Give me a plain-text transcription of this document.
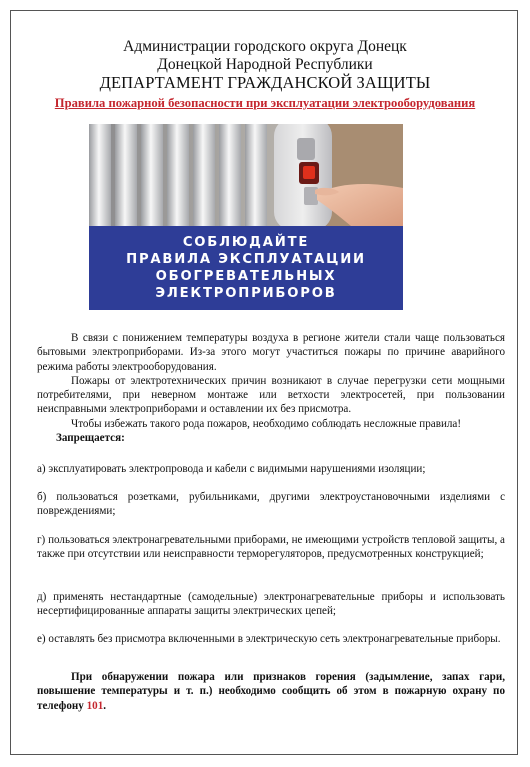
Администрации городского округа Донецк
Донецкой Народной Республики
ДЕПАРТАМЕНТ ГРАЖДАНСКОЙ ЗАЩИТЫ
Правила пожарной безопасности при эксплуатации электрооборудования
СОБЛЮДАЙТЕ
ПРАВИЛА ЭКСПЛУАТАЦИИ
ОБОГРЕВАТЕЛЬНЫХ
ЭЛЕКТРОПРИБОРОВ

В связи с понижением температуры воздуха в регионе жители стали чаще пользоваться бытовыми электроприборами. Из-за этого могут участиться пожары по причине аварийного режима работы электрооборудования.

Пожары от электротехнических причин возникают в случае перегрузки сети мощными потребителями, при неверном монтаже или ветхости электросетей, при пользовании неисправными электроприборами и оставлении их без присмотра.

Чтобы избежать такого рода пожаров, необходимо соблюдать несложные правила!

Запрещается:

а) эксплуатировать электропровода и кабели с видимыми нарушениями изоляции;

б) пользоваться розетками, рубильниками, другими электроустановочными изделиями с повреждениями;

г) пользоваться электронагревательными приборами, не имеющими устройств тепловой защиты, а также при отсутствии или неисправности терморегуляторов, предусмотренных конструкцией;

д) применять нестандартные (самодельные) электронагревательные приборы и использовать несертифицированные аппараты защиты электрических цепей;

е) оставлять без присмотра включенными в электрическую сеть электронагревательные приборы.

При обнаружении пожара или признаков горения (задымление, запах гари, повышение температуры и т. п.) необходимо сообщить об этом в пожарную охрану по телефону 101.
